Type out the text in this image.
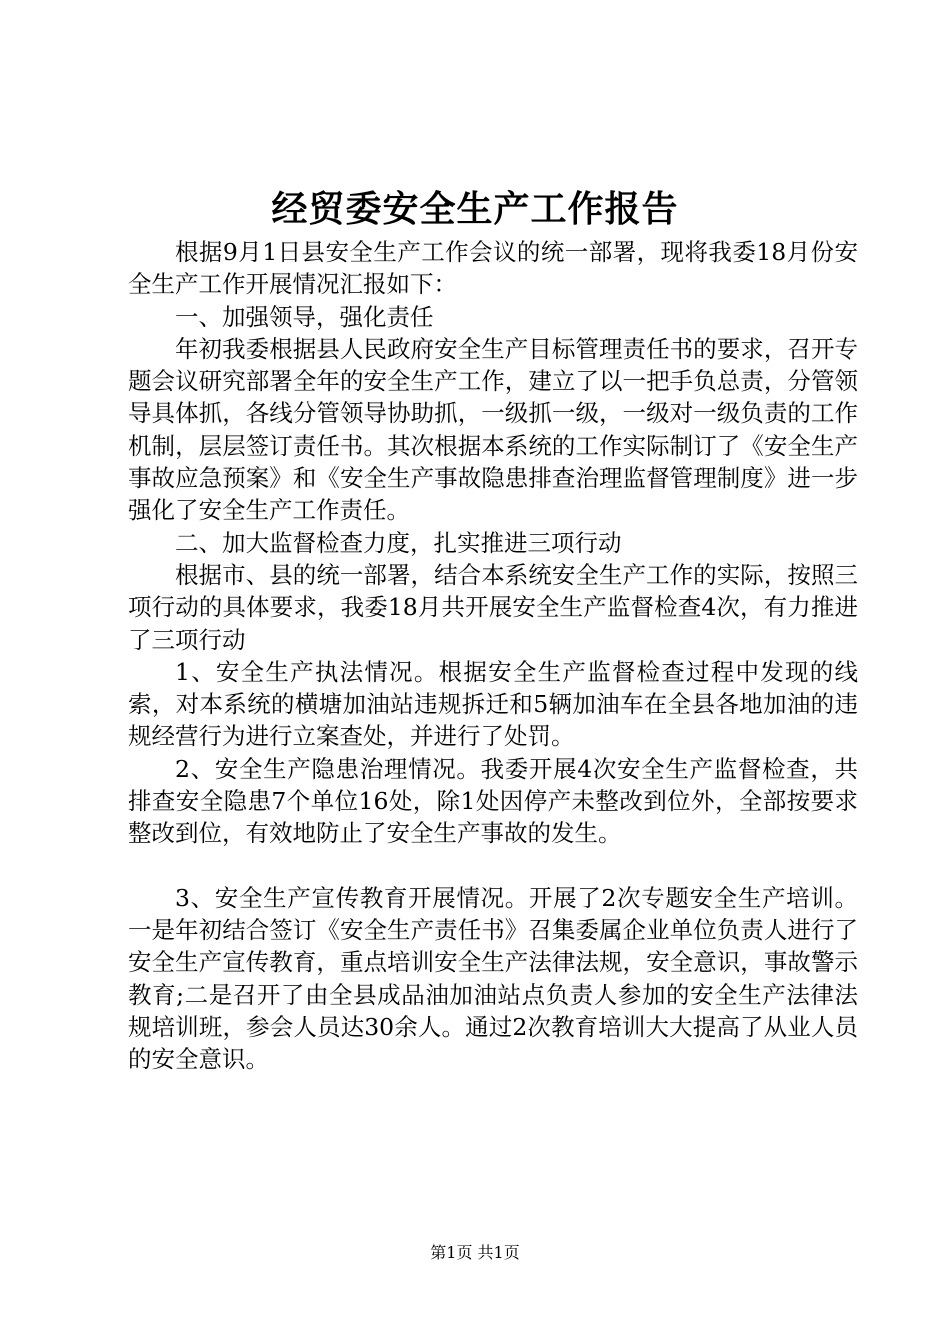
经贸委安全生产工作报告

根据9月1日县安全生产工作会议的统一部署，现将我委18月份安全生产工作开展情况汇报如下：

一、加强领导，强化责任

年初我委根据县人民政府安全生产目标管理责任书的要求，召开专题会议研究部署全年的安全生产工作，建立了以一把手负总责，分管领导具体抓，各线分管领导协助抓，一级抓一级，一级对一级负责的工作机制，层层签订责任书。其次根据本系统的工作实际制订了《安全生产事故应急预案》和《安全生产事故隐患排查治理监督管理制度》进一步强化了安全生产工作责任。

二、加大监督检查力度，扎实推进三项行动

根据市、县的统一部署，结合本系统安全生产工作的实际，按照三项行动的具体要求，我委18月共开展安全生产监督检查4次，有力推进了三项行动

1、安全生产执法情况。根据安全生产监督检查过程中发现的线索，对本系统的横塘加油站违规拆迁和5辆加油车在全县各地加油的违规经营行为进行立案查处，并进行了处罚。

2、安全生产隐患治理情况。我委开展4次安全生产监督检查，共排查安全隐患7个单位16处，除1处因停产未整改到位外，全部按要求整改到位，有效地防止了安全生产事故的发生。

3、安全生产宣传教育开展情况。开展了2次专题安全生产培训。一是年初结合签订《安全生产责任书》召集委属企业单位负责人进行了安全生产宣传教育，重点培训安全生产法律法规，安全意识，事故警示教育;二是召开了由全县成品油加油站点负责人参加的安全生产法律法规培训班，参会人员达30余人。通过2次教育培训大大提高了从业人员的安全意识。

第1页 共1页
